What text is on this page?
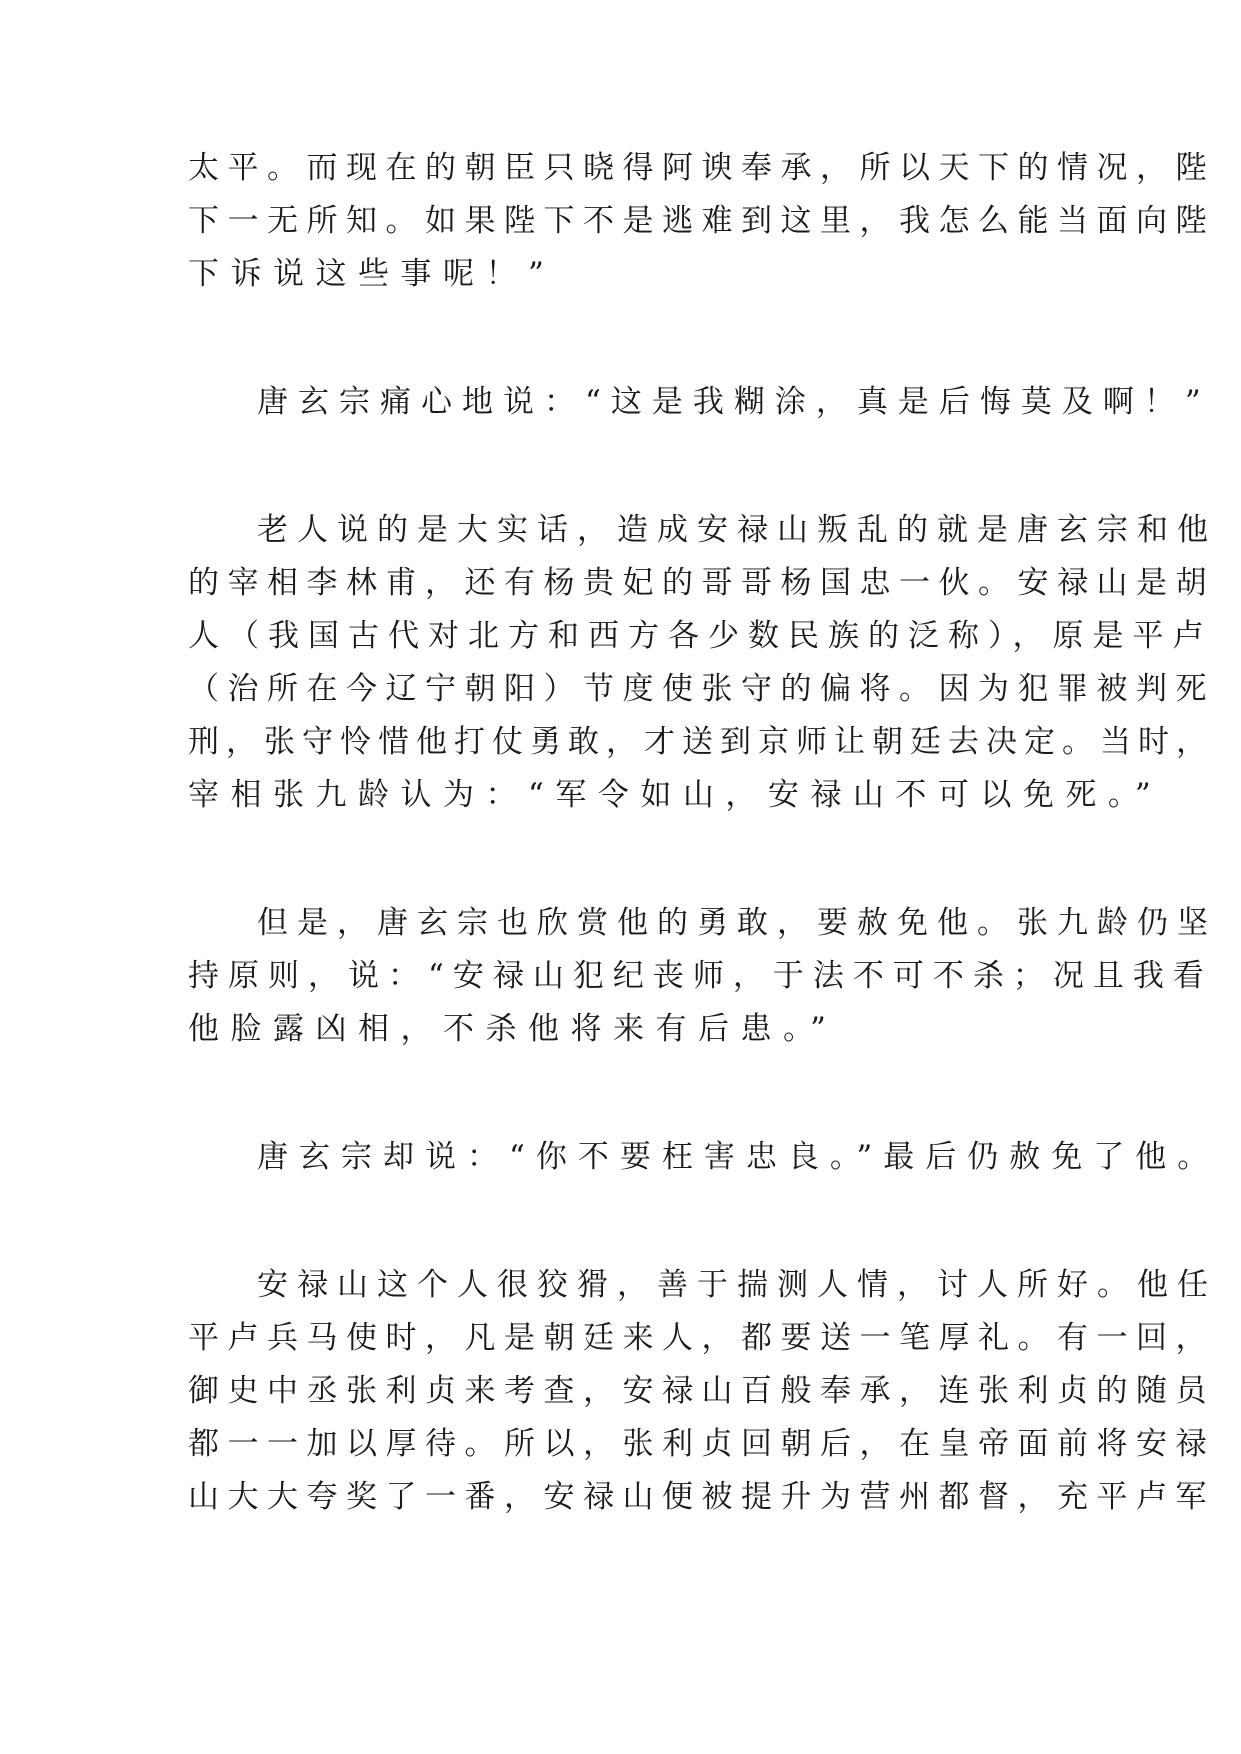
太平。而现在的朝臣只晓得阿谀奉承，所以天下的情况，陛
下一无所知。如果陛下不是逃难到这里，我怎么能当面向陛
下诉说这些事呢！”
唐玄宗痛心地说：“这是我糊涂，真是后悔莫及啊！”
老人说的是大实话，造成安禄山叛乱的就是唐玄宗和他
的宰相李林甫，还有杨贵妃的哥哥杨国忠一伙。安禄山是胡
人（我国古代对北方和西方各少数民族的泛称），原是平卢
（治所在今辽宁朝阳）节度使张守的偏将。因为犯罪被判死
刑，张守怜惜他打仗勇敢，才送到京师让朝廷去决定。当时，
宰相张九龄认为：“军令如山，安禄山不可以免死。”
但是，唐玄宗也欣赏他的勇敢，要赦免他。张九龄仍坚
持原则，说：“安禄山犯纪丧师，于法不可不杀；况且我看
他脸露凶相，不杀他将来有后患。”
唐玄宗却说：“你不要枉害忠良。”最后仍赦免了他。
安禄山这个人很狡猾，善于揣测人情，讨人所好。他任
平卢兵马使时，凡是朝廷来人，都要送一笔厚礼。有一回，
御史中丞张利贞来考查，安禄山百般奉承，连张利贞的随员
都一一加以厚待。所以，张利贞回朝后，在皇帝面前将安禄
山大大夸奖了一番，安禄山便被提升为营州都督，充平卢军
